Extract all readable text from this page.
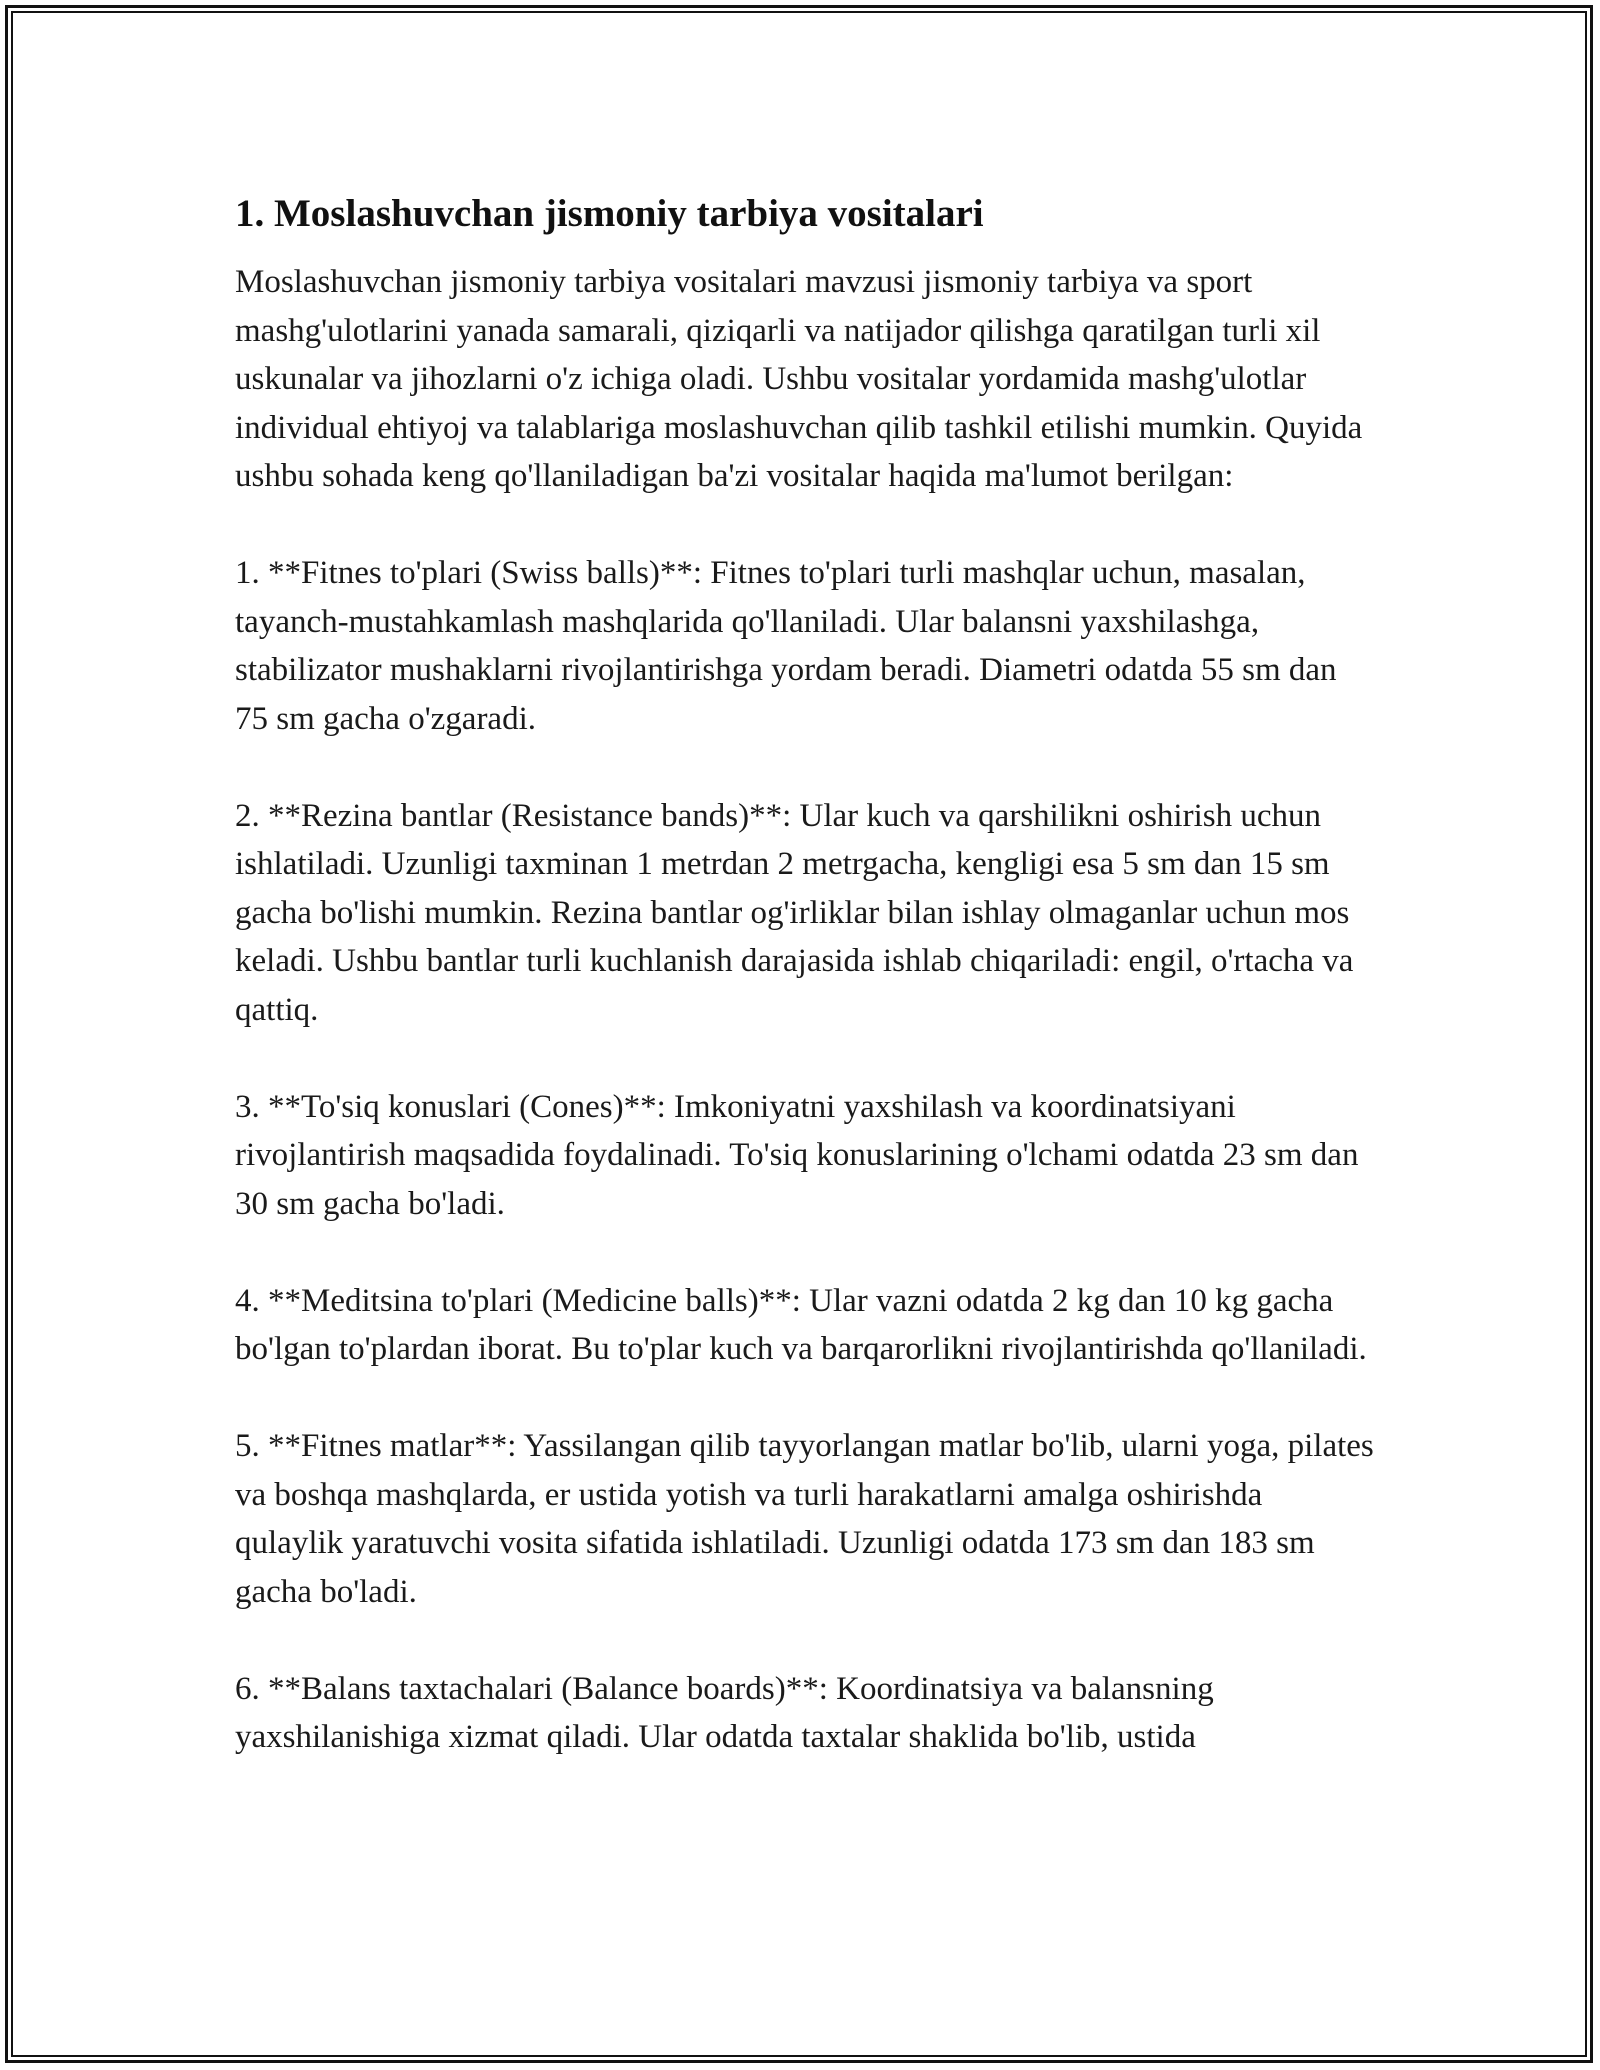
1. Moslashuvchan jismoniy tarbiya vositalari

Moslashuvchan jismoniy tarbiya vositalari mavzusi jismoniy tarbiya va sport mashg'ulotlarini yanada samarali, qiziqarli va natijador qilishga qaratilgan turli xil uskunalar va jihozlarni o'z ichiga oladi. Ushbu vositalar yordamida mashg'ulotlar individual ehtiyoj va talablariga moslashuvchan qilib tashkil etilishi mumkin. Quyida ushbu sohada keng qo'llaniladigan ba'zi vositalar haqida ma'lumot berilgan:

1. **Fitnes to'plari (Swiss balls)**: Fitnes to'plari turli mashqlar uchun, masalan, tayanch-mustahkamlash mashqlarida qo'llaniladi. Ular balansni yaxshilashga, stabilizator mushaklarni rivojlantirishga yordam beradi. Diametri odatda 55 sm dan 75 sm gacha o'zgaradi.

2. **Rezina bantlar (Resistance bands)**: Ular kuch va qarshilikni oshirish uchun ishlatiladi. Uzunligi taxminan 1 metrdan 2 metrgacha, kengligi esa 5 sm dan 15 sm gacha bo'lishi mumkin. Rezina bantlar og'irliklar bilan ishlay olmaganlar uchun mos keladi. Ushbu bantlar turli kuchlanish darajasida ishlab chiqariladi: engil, o'rtacha va qattiq.

3. **To'siq konuslari (Cones)**: Imkoniyatni yaxshilash va koordinatsiyani rivojlantirish maqsadida foydalinadi. To'siq konuslarining o'lchami odatda 23 sm dan 30 sm gacha bo'ladi.

4. **Meditsina to'plari (Medicine balls)**: Ular vazni odatda 2 kg dan 10 kg gacha bo'lgan to'plardan iborat. Bu to'plar kuch va barqarorlikni rivojlantirishda qo'llaniladi.

5. **Fitnes matlar**: Yassilangan qilib tayyorlangan matlar bo'lib, ularni yoga, pilates va boshqa mashqlarda, er ustida yotish va turli harakatlarni amalga oshirishda qulaylik yaratuvchi vosita sifatida ishlatiladi. Uzunligi odatda 173 sm dan 183 sm gacha bo'ladi.

6. **Balans taxtachalari (Balance boards)**: Koordinatsiya va balansning yaxshilanishiga xizmat qiladi. Ular odatda taxtalar shaklida bo'lib, ustida
